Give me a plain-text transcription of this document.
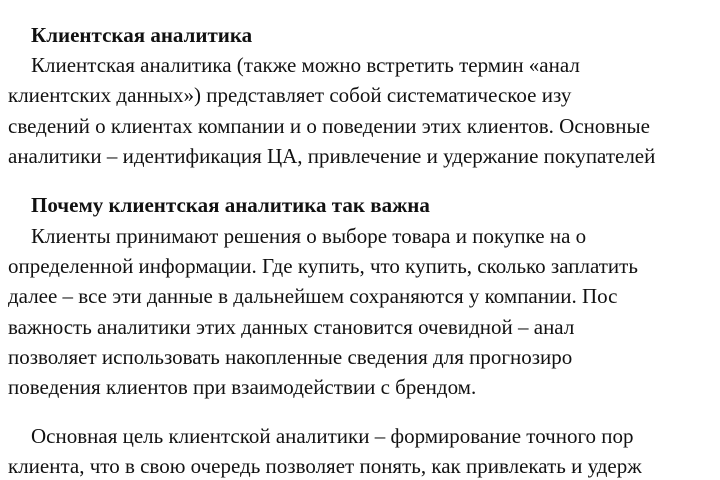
Клиентская аналитика
Клиентская аналитика (также можно встретить термин «анал
клиентских данных») представляет собой систематическое изу
сведений о клиентах компании и о поведении этих клиентов. Основные
аналитики – идентификация ЦА, привлечение и удержание покупателей
Почему клиентская аналитика так важна
Клиенты принимают решения о выборе товара и покупке на о
определенной информации. Где купить, что купить, сколько заплатить
далее – все эти данные в дальнейшем сохраняются у компании. Пос
важность аналитики этих данных становится очевидной – анал
позволяет использовать накопленные сведения для прогнозиро
поведения клиентов при взаимодействии с брендом.
Основная цель клиентской аналитики – формирование точного пор
клиента, что в свою очередь позволяет понять, как привлекать и удерж
